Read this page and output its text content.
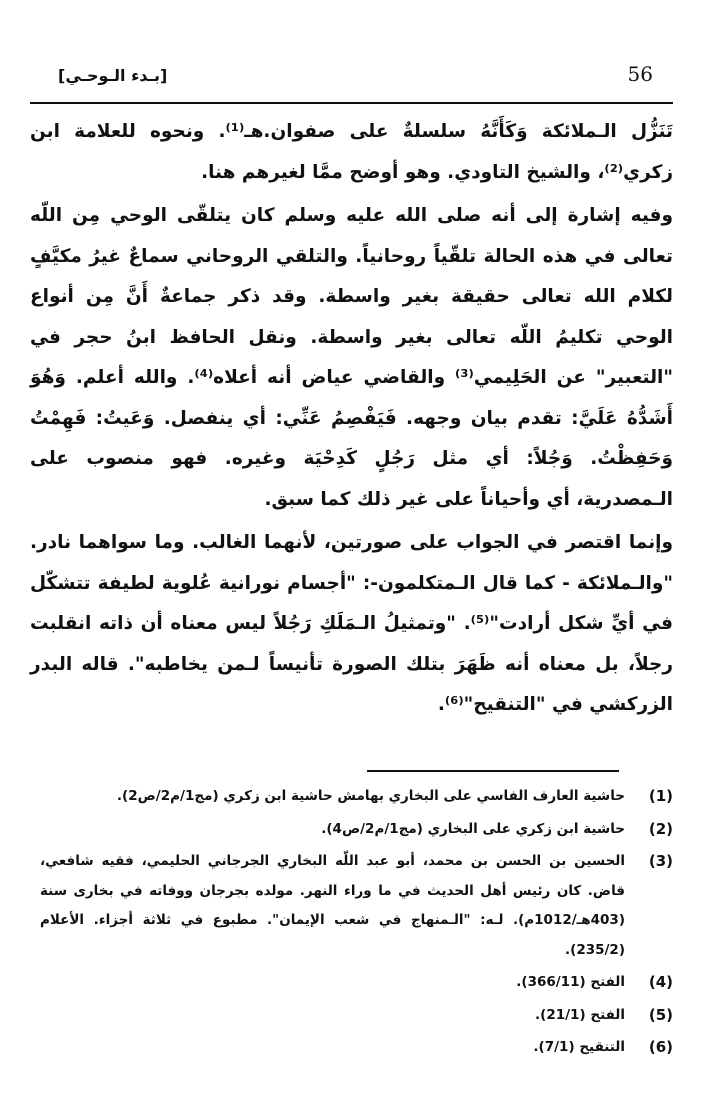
56
[بـدء الـوحـي]

تَنَزُّل الـملائكة وَكَأَنَّهُ سلسلةٌ على صفوان.هـ⁽¹⁾. ونحوه للعلامة ابن زكري⁽²⁾، والشيخ التاودي. وهو أوضح ممَّا لغيرهم هنا.

وفيه إشارة إلى أنه صلى الله عليه وسلم كان يتلقّى الوحي مِن اللّه تعالى في هذه الحالة تلقّياً روحانياً. والتلقي الروحاني سماعٌ غيرُ مكيَّفٍ لكلام الله تعالى حقيقة بغير واسطة. وقد ذكر جماعةٌ أَنَّ مِن أنواع الوحي تكليمُ اللّه تعالى بغير واسطة. ونقل الحافظ ابنُ حجر في "التعبير" عن الحَلِيمي⁽³⁾ والقاضي عياض أنه أعلاه⁽⁴⁾. والله أعلم. وَهُوَ أَشَدُّهُ عَلَيَّ: تقدم بيان وجهه. فَيَفْصِمُ عَنِّي: أي ينفصل. وَعَيتُ: فَهِمْتُ وَحَفِظْتُ. وَجُلاً: أي مثل رَجُلٍ كَدِحْيَة وغيره. فهو منصوب على الـمصدرية، أي وأحياناً على غير ذلك كما سبق.

وإنما اقتصر في الجواب على صورتين، لأنهما الغالب. وما سواهما نادر. "والـملائكة - كما قال الـمتكلمون-: "أجسام نورانية عُلوية لطيفة تتشكّل في أيِّ شكل أرادت"⁽⁵⁾. "وتمثيلُ الـمَلَكِ رَجُلاً ليس معناه أن ذاته انقلبت رجلاً، بل معناه أنه ظَهَرَ بتلك الصورة تأنيساً لـمن يخاطبه". قاله البدر الزركشي في "التنقيح"⁽⁶⁾.

(1)
حاشية العارف الفاسي على البخاري بهامش حاشية ابن زكري (مج1/م2/ص2).
(2)
حاشية ابن زكري على البخاري (مج1/م2/ص4).
(3)
الحسين بن الحسن بن محمد، أبو عبد اللّه البخاري الجرجاني الحليمي، فقيه شافعي، قاض. كان رئيس أهل الحديث في ما وراء النهر. مولده بجرجان ووفاته في بخارى سنة (403هـ/1012م). لـه: "الـمنهاج في شعب الإيمان". مطبوع في ثلاثة أجزاء. الأعلام (235/2).
(4)
الفتح (366/11).
(5)
الفتح (21/1).
(6)
التنقيح (7/1).
